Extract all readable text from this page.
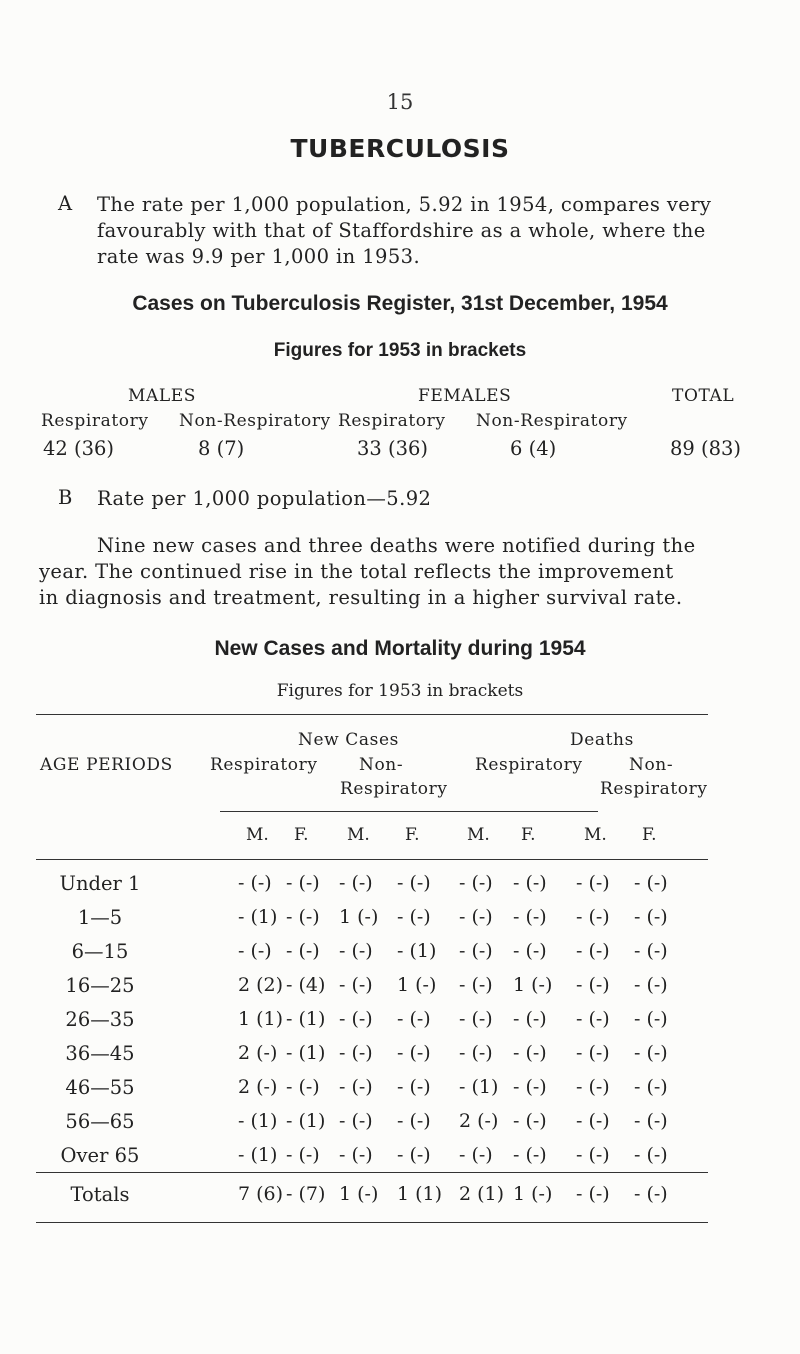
15
TUBERCULOSIS
A The rate per 1,000 population, 5.92 in 1954, compares very
favourably with that of Staffordshire as a whole, where the
rate was 9.9 per 1,000 in 1953.
Cases on Tuberculosis Register, 31st December, 1954
Figures for 1953 in brackets
MALES	FEMALES	TOTAL
Respiratory Non-Respiratory Respiratory Non-Respiratory
42 (36)	8 (7)	33 (36)	6 (4)	89 (83)
B Rate per 1,000 population—5.92
Nine new cases and three deaths were notified during the
year. The continued rise in the total reflects the improvement
in diagnosis and treatment, resulting in a higher survival rate.
New Cases and Mortality during 1954
Figures for 1953 in brackets
AGE PERIODS
New Cases	Deaths
Respiratory Non-
Respiratory
Respiratory	Non-
Respiratory
M. F. M. F.	M. F.	M. F.
Under 1	- (-) - (-) - (-) - (-) - (-) - (-) - (-) - (-)
1—5	- (1) - (-) 1 (-) - (-) - (-) - (-) - (-) - (-)
6—15	- (-) - (-) - (-) - (1) - (-) - (-) - (-) - (-)
16—25	2 (2) - (4) - (-) 1 (-) - (-) 1 (-) - (-) - (-)
26—35	1 (1) - (1) - (-) - (-) - (-) - (-) - (-) - (-)
36—45	2 (-) - (1) - (-) - (-) - (-) - (-) - (-) - (-)
46—55	2 (-) - (-) - (-) - (-) - (1) - (-) - (-) - (-)
56—65	- (1) - (1) - (-) - (-) 2 (-) - (-) - (-) - (-)
Over 65	- (1) - (-) - (-) - (-) - (-) - (-) - (-) - (-)
Totals	7 (6) - (7) 1 (-) 1 (1) 2 (1) 1 (-) - (-) - (-)
